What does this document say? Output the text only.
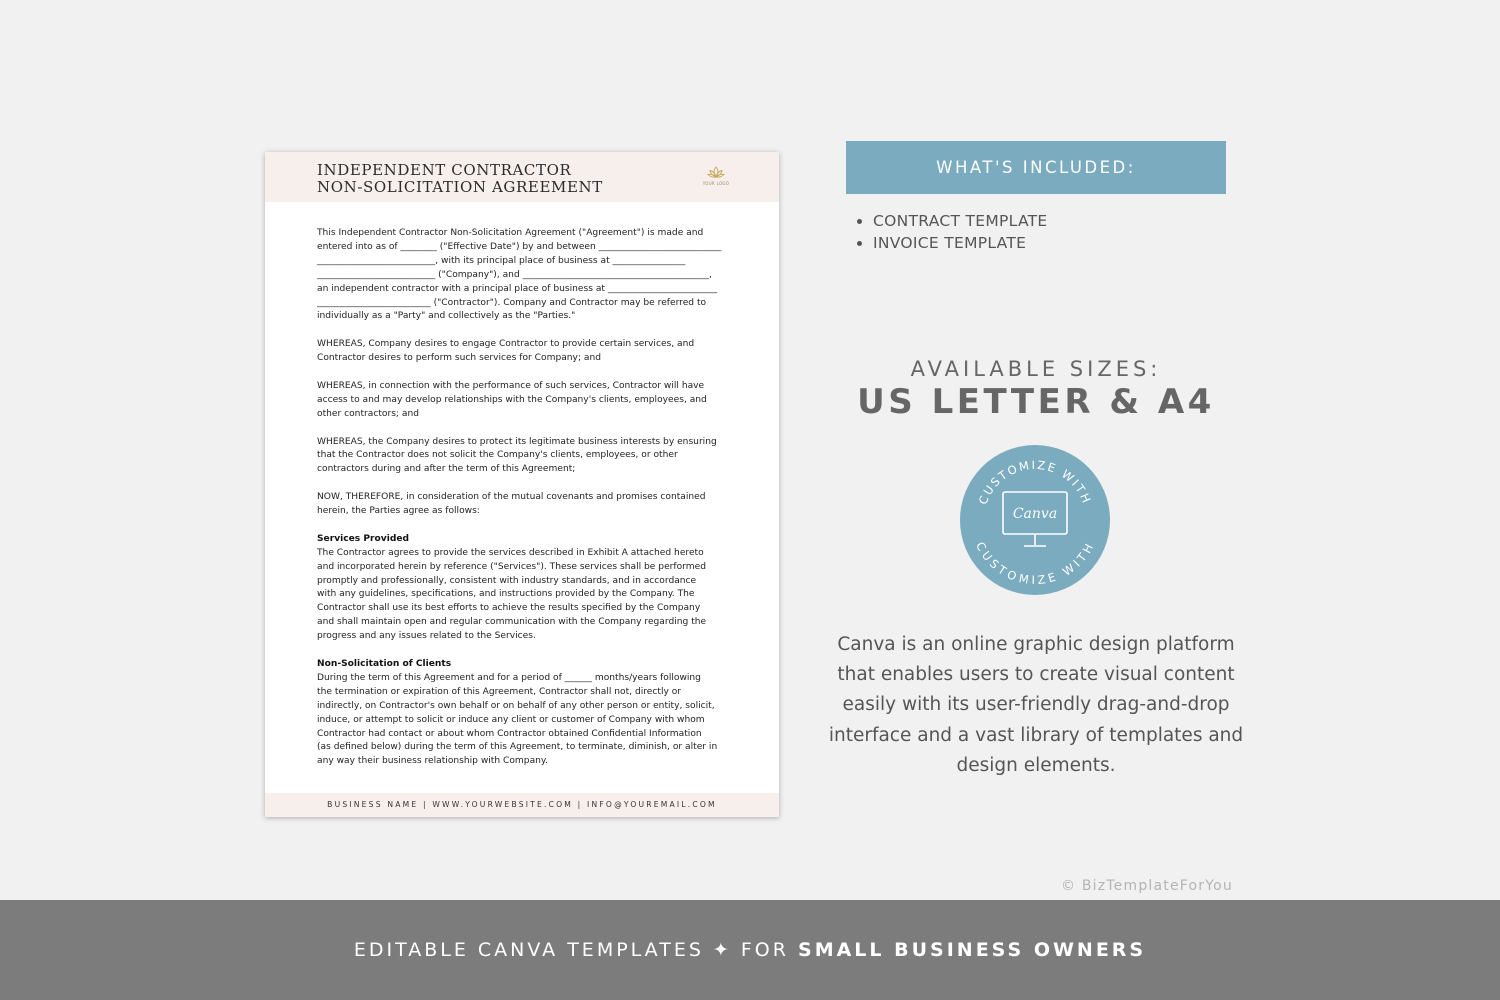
INDEPENDENT CONTRACTOR
NON-SOLICITATION AGREEMENT	YOUR LOGO

This Independent Contractor Non-Solicitation Agreement ("Agreement") is made and
entered into as of ________ ("Effective Date") by and between ___________________________
__________________________, with its principal place of business at ________________
__________________________ ("Company"), and _________________________________________,
an independent contractor with a principal place of business at ________________________
_________________________ ("Contractor"). Company and Contractor may be referred to
individually as a "Party" and collectively as the "Parties."

WHEREAS, Company desires to engage Contractor to provide certain services, and
Contractor desires to perform such services for Company; and

WHEREAS, in connection with the performance of such services, Contractor will have
access to and may develop relationships with the Company's clients, employees, and
other contractors; and

WHEREAS, the Company desires to protect its legitimate business interests by ensuring
that the Contractor does not solicit the Company's clients, employees, or other
contractors during and after the term of this Agreement;

NOW, THEREFORE, in consideration of the mutual covenants and promises contained
herein, the Parties agree as follows:

Services Provided

The Contractor agrees to provide the services described in Exhibit A attached hereto
and incorporated herein by reference ("Services"). These services shall be performed
promptly and professionally, consistent with industry standards, and in accordance
with any guidelines, specifications, and instructions provided by the Company. The
Contractor shall use its best efforts to achieve the results specified by the Company
and shall maintain open and regular communication with the Company regarding the
progress and any issues related to the Services.

Non-Solicitation of Clients

During the term of this Agreement and for a period of ______ months/years following
the termination or expiration of this Agreement, Contractor shall not, directly or
indirectly, on Contractor's own behalf or on behalf of any other person or entity, solicit,
induce, or attempt to solicit or induce any client or customer of Company with whom
Contractor had contact or about whom Contractor obtained Confidential Information
(as defined below) during the term of this Agreement, to terminate, diminish, or alter in
any way their business relationship with Company.

BUSINESS NAME | WWW.YOURWEBSITE.COM | INFO@YOUREMAIL.COM
WHAT'S INCLUDED:
CONTRACT TEMPLATE
INVOICE TEMPLATE
AVAILABLE SIZES:
US LETTER & A4
CUSTOMIZE WITH
CUSTOMIZE WITH
Canva
Canva is an online graphic design platform that enables users to create visual content easily with its user-friendly drag-and-drop interface and a vast library of templates and design elements.
© BizTemplateForYou
EDITABLE CANVA TEMPLATES ✦ FOR SMALL BUSINESS OWNERS
